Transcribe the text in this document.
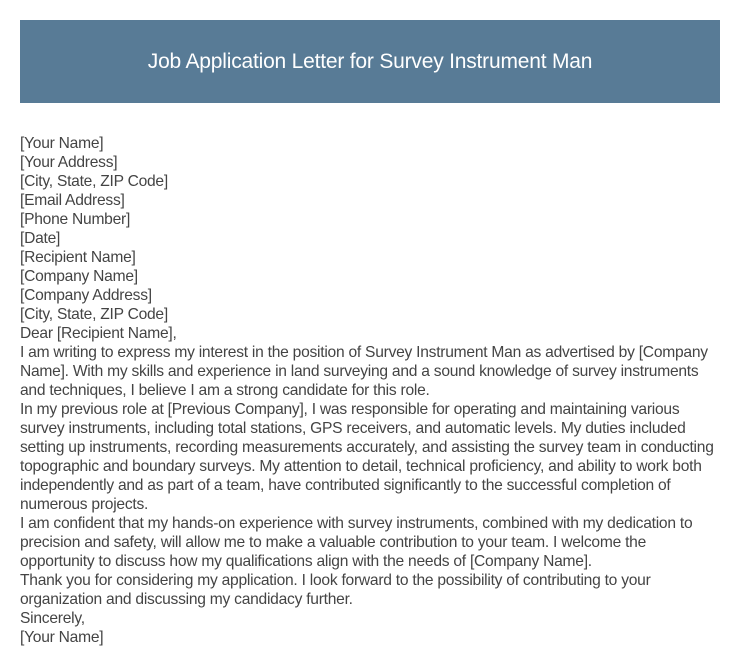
Job Application Letter for Survey Instrument Man

[Your Name]

[Your Address]

[City, State, ZIP Code]

[Email Address]

[Phone Number]

[Date]

[Recipient Name]

[Company Name]

[Company Address]

[City, State, ZIP Code]

Dear [Recipient Name],

I am writing to express my interest in the position of Survey Instrument Man as advertised by [Company Name]. With my skills and experience in land surveying and a sound knowledge of survey instruments and techniques, I believe I am a strong candidate for this role.

In my previous role at [Previous Company], I was responsible for operating and maintaining various survey instruments, including total stations, GPS receivers, and automatic levels. My duties included setting up instruments, recording measurements accurately, and assisting the survey team in conducting topographic and boundary surveys. My attention to detail, technical proficiency, and ability to work both independently and as part of a team, have contributed significantly to the successful completion of numerous projects.

I am confident that my hands-on experience with survey instruments, combined with my dedication to precision and safety, will allow me to make a valuable contribution to your team. I welcome the opportunity to discuss how my qualifications align with the needs of [Company Name].

Thank you for considering my application. I look forward to the possibility of contributing to your organization and discussing my candidacy further.

Sincerely,

[Your Name]
